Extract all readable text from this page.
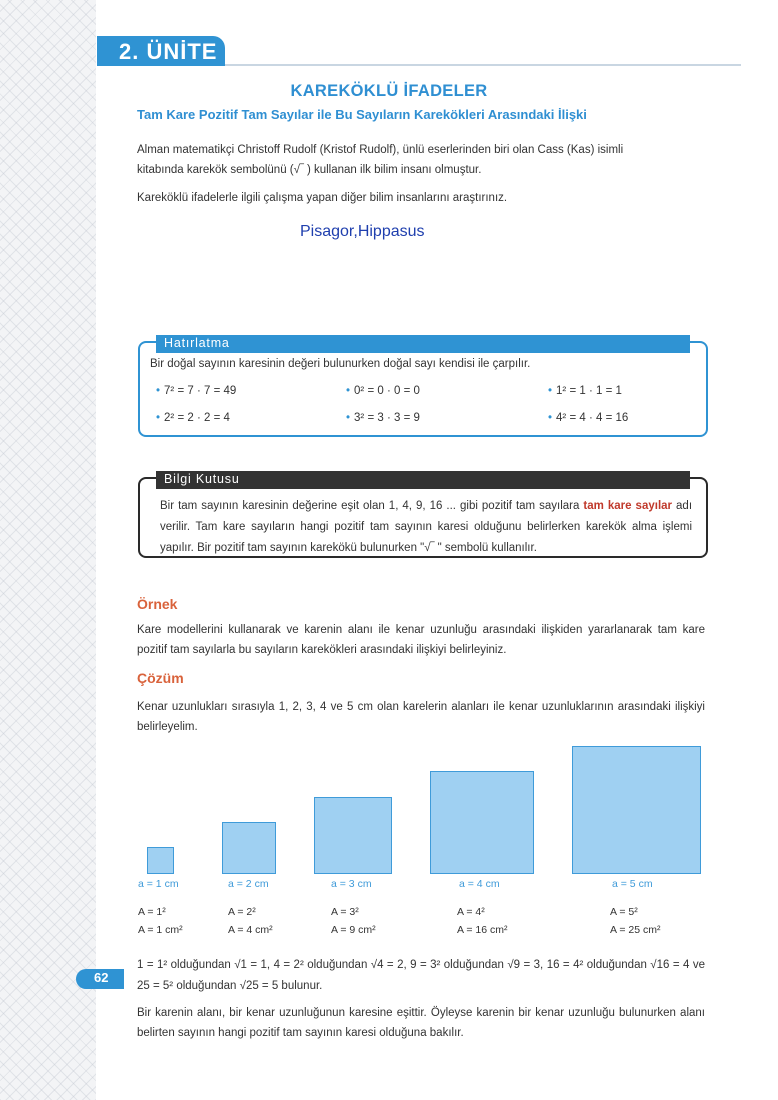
2. ÜNİTE
KAREKÖKLÜ İFADELER
Tam Kare Pozitif Tam Sayılar ile Bu Sayıların Karekökleri Arasındaki İlişki
Alman matematikçi Christoff Rudolf (Kristof Rudolf), ünlü eserlerinden biri olan Cass (Kas) isimli
kitabında karekök sembolünü (√‾ ) kullanan ilk bilim insanı olmuştur.
Kareköklü ifadelerle ilgili çalışma yapan diğer bilim insanlarını araştırınız.
Pisagor,Hippasus
Hatırlatma
Bir doğal sayının karesinin değeri bulunurken doğal sayı kendisi ile çarpılır.
• 7² = 7 · 7 = 49	• 0² = 0 · 0 = 0	• 1² = 1 · 1 = 1
• 2² = 2 · 2 = 4	• 3² = 3 · 3 = 9	• 4² = 4 · 4 = 16
Bilgi Kutusu
Bir tam sayının karesinin değerine eşit olan 1, 4, 9, 16 ... gibi pozitif tam sayılara tam kare sayılar adı verilir. Tam kare sayıların hangi pozitif tam sayının karesi olduğunu belirlerken karekök alma işlemi yapılır. Bir pozitif tam sayının karekökü bulunurken "√‾ " sembolü kullanılır.
Örnek
Kare modellerini kullanarak ve karenin alanı ile kenar uzunluğu arasındaki ilişkiden yararlanarak tam kare pozitif tam sayılarla bu sayıların karekökleri arasındaki ilişkiyi belirleyiniz.
Çözüm
Kenar uzunlukları sırasıyla 1, 2, 3, 4 ve 5 cm olan karelerin alanları ile kenar uzunluklarının arasındaki ilişkiyi belirleyelim.
a = 1 cm	a = 2 cm	a = 3 cm	a = 4 cm	a = 5 cm
A = 1²	A = 2²	A = 3²	A = 4²	A = 5²
A = 1 cm²	A = 4 cm²	A = 9 cm²	A = 16 cm²	A = 25 cm²
62
1 = 1² olduğundan √1 = 1, 4 = 2² olduğundan √4 = 2, 9 = 3² olduğundan √9 = 3, 16 = 4² olduğundan √16 = 4 ve 25 = 5² olduğundan √25 = 5 bulunur.
Bir karenin alanı, bir kenar uzunluğunun karesine eşittir. Öyleyse karenin bir kenar uzunluğu bulunurken alanı belirten sayının hangi pozitif tam sayının karesi olduğuna bakılır.
